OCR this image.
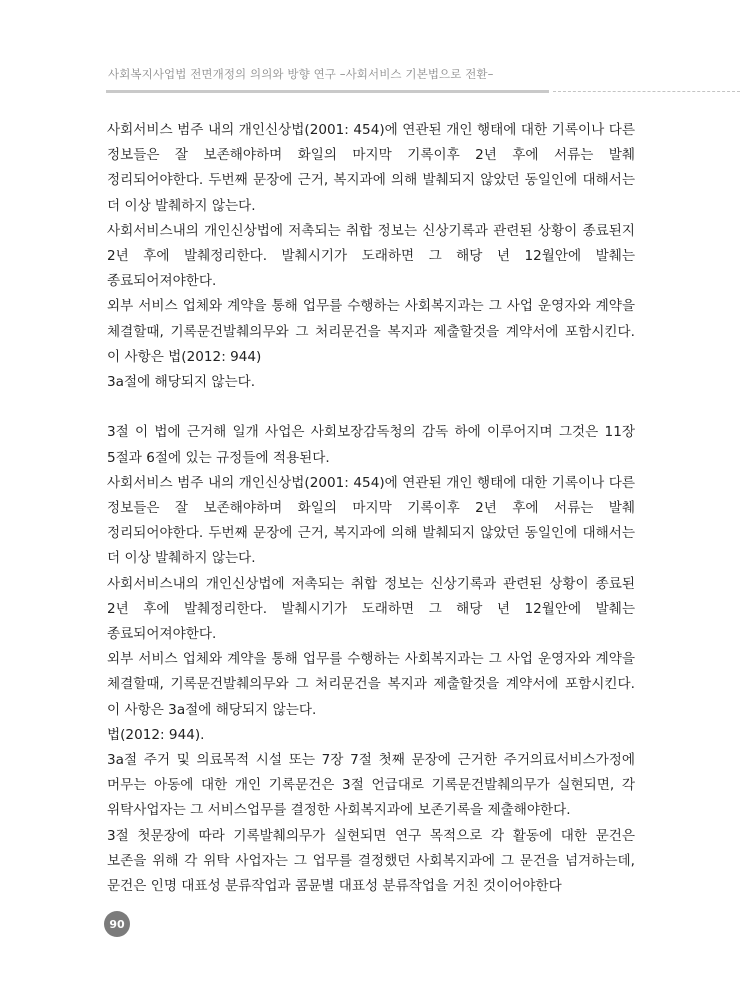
사회복지사업법 전면개정의 의의와 방향 연구 –사회서비스 기본법으로 전환–

사회서비스 범주 내의 개인신상법(2001: 454)에 연관된 개인 행태에 대한 기록이나 다른 정보들은 잘 보존해야하며 화일의 마지막 기록이후 2년 후에 서류는 발췌 정리되어야한다. 두번째 문장에 근거, 복지과에 의해 발췌되지 않았던 동일인에 대해서는 더 이상 발췌하지 않는다.

사회서비스내의 개인신상법에 저촉되는 취합 정보는 신상기록과 관련된 상황이 종료된지 2년 후에 발췌정리한다. 발췌시기가 도래하면 그 해당 년 12월안에 발췌는 종료되어져야한다.

외부 서비스 업체와 계약을 통해 업무를 수행하는 사회복지과는 그 사업 운영자와 계약을 체결할때, 기록문건발췌의무와 그 처리문건을 복지과 제출할것을 계약서에 포함시킨다. 이 사항은 법(2012: 944)

3a절에 해당되지 않는다.

3절 이 법에 근거해 일개 사업은 사회보장감독청의 감독 하에 이루어지며 그것은 11장 5절과 6절에 있는 규정들에 적용된다.

사회서비스 범주 내의 개인신상법(2001: 454)에 연관된 개인 행태에 대한 기록이나 다른 정보들은 잘 보존해야하며 화일의 마지막 기록이후 2년 후에 서류는 발췌 정리되어야한다. 두번째 문장에 근거, 복지과에 의해 발췌되지 않았던 동일인에 대해서는 더 이상 발췌하지 않는다.

사회서비스내의 개인신상법에 저촉되는 취합 정보는 신상기록과 관련된 상황이 종료된 2년 후에 발췌정리한다. 발췌시기가 도래하면 그 해당 년 12월안에 발췌는 종료되어져야한다.

외부 서비스 업체와 계약을 통해 업무를 수행하는 사회복지과는 그 사업 운영자와 계약을 체결할때, 기록문건발췌의무와 그 처리문건을 복지과 제출할것을 계약서에 포함시킨다. 이 사항은 3a절에 해당되지 않는다.

법(2012: 944).

3a절 주거 및 의료목적 시설 또는 7장 7절 첫째 문장에 근거한 주거의료서비스가정에 머무는 아동에 대한 개인 기록문건은 3절 언급대로 기록문건발췌의무가 실현되면, 각 위탁사업자는 그 서비스업무를 결정한 사회복지과에 보존기록을 제출해야한다.

3절 첫문장에 따라 기록발췌의무가 실현되면 연구 목적으로 각 활동에 대한 문건은 보존을 위해 각 위탁 사업자는 그 업무를 결정했던 사회복지과에 그 문건을 넘겨하는데, 문건은 인명 대표성 분류작업과 콤뮨별 대표성 분류작업을 거친 것이어야한다

90
